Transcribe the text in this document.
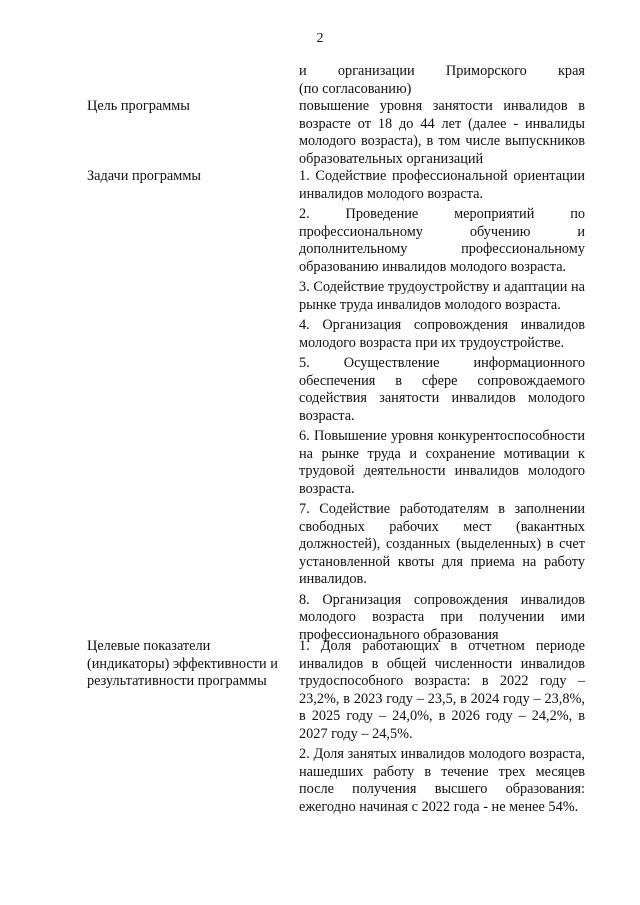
2

и организации Приморского края

(по согласованию)

Цель программы	повышение уровня занятости инвалидов в возрасте от 18 до 44 лет (далее - инвалиды молодого возраста), в том числе выпускников образовательных организаций

Задачи программы	1. Содействие профессиональной ориентации инвалидов молодого возраста.

2. Проведение мероприятий по профессиональному обучению и дополнительному профессиональному образованию инвалидов молодого возраста.

3. Содействие трудоустройству и адаптации на рынке труда инвалидов молодого возраста.

4. Организация сопровождения инвалидов молодого возраста при их трудоустройстве.

5. Осуществление информационного обеспечения в сфере сопровождаемого содействия занятости инвалидов молодого возраста.

6. Повышение уровня конкурентоспособности на рынке труда и сохранение мотивации к трудовой деятельности инвалидов молодого возраста.

7. Содействие работодателям в заполнении свободных рабочих мест (вакантных должностей), созданных (выделенных) в счет установленной квоты для приема на работу инвалидов.

8. Организация сопровождения инвалидов молодого возраста при получении ими профессионального образования

Целевые показатели (индикаторы) эффективности и результативности программы

1. Доля работающих в отчетном периоде инвалидов в общей численности инвалидов трудоспособного возраста: в 2022 году – 23,2%, в 2023 году – 23,5, в 2024 году – 23,8%, в 2025 году – 24,0%, в 2026 году – 24,2%, в 2027 году – 24,5%.

2. Доля занятых инвалидов молодого возраста, нашедших работу в течение трех месяцев после получения высшего образования: ежегодно начиная с 2022 года - не менее 54%.
